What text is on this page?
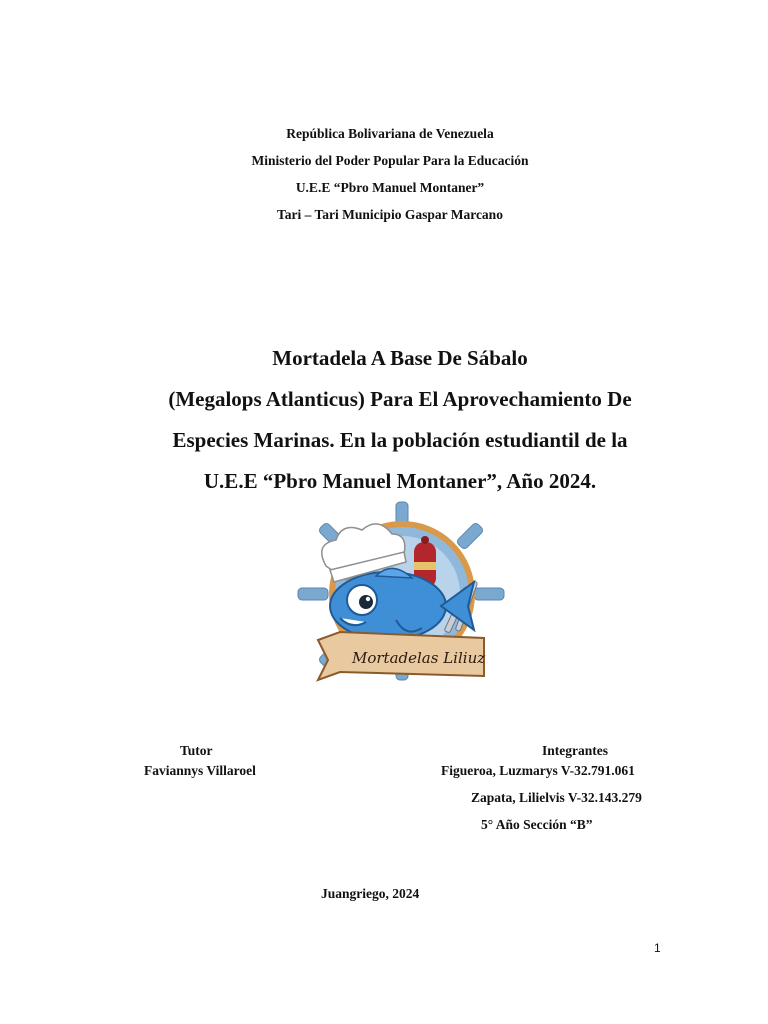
República Bolivariana de Venezuela
Ministerio del Poder Popular Para la Educación
U.E.E “Pbro Manuel Montaner”
Tari – Tari Municipio Gaspar Marcano
Mortadela A Base De Sábalo
(Megalops Atlanticus) Para El Aprovechamiento De
Especies Marinas. En la población estudiantil de la
U.E.E “Pbro Manuel Montaner”, Año 2024.
Mortadelas Liliuz
Tutor
Faviannys Villaroel
Integrantes
Figueroa, Luzmarys V-32.791.061
Zapata, Lilielvis V-32.143.279
5° Año Sección “B”
Juangriego, 2024
1
